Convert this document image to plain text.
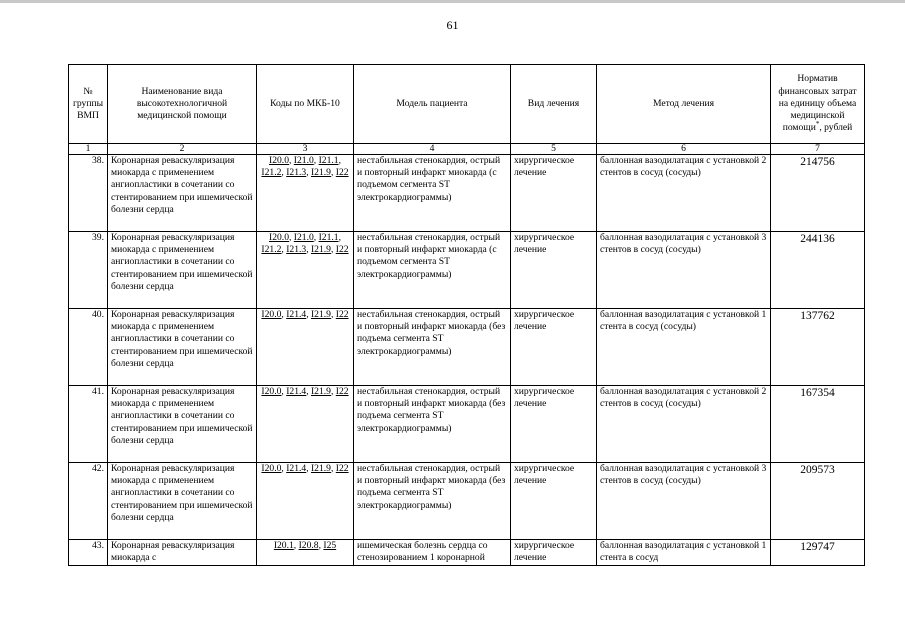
61
№ группы ВМП	Наименование вида высокотехнологичной медицинской помощи	Коды по МКБ-10	Модель пациента	Вид лечения	Метод лечения	Норматив финансовых затрат на единицу объема медицинской помощи*, рублей
1	2	3	4	5	6	7
38.	Коронарная реваскуляризация миокарда с применением ангиопластики в сочетании со стентированием при ишемической болезни сердца	I20.0, I21.0, I21.1, I21.2, I21.3, I21.9, I22	нестабильная стенокардия, острый и повторный инфаркт миокарда (с подъемом сегмента ST электрокардиограммы)	хирургическое лечение	баллонная вазодилатация с установкой 2 стентов в сосуд (сосуды)	214756
39.	Коронарная реваскуляризация миокарда с применением ангиопластики в сочетании со стентированием при ишемической болезни сердца	I20.0, I21.0, I21.1, I21.2, I21.3, I21.9, I22	нестабильная стенокардия, острый и повторный инфаркт миокарда (с подъемом сегмента ST электрокардиограммы)	хирургическое лечение	баллонная вазодилатация с установкой 3 стентов в сосуд (сосуды)	244136
40.	Коронарная реваскуляризация миокарда с применением ангиопластики в сочетании со стентированием при ишемической болезни сердца	I20.0, I21.4, I21.9, I22	нестабильная стенокардия, острый и повторный инфаркт миокарда (без подъема сегмента ST электрокардиограммы)	хирургическое лечение	баллонная вазодилатация с установкой 1 стента в сосуд (сосуды)	137762
41.	Коронарная реваскуляризация миокарда с применением ангиопластики в сочетании со стентированием при ишемической болезни сердца	I20.0, I21.4, I21.9, I22	нестабильная стенокардия, острый и повторный инфаркт миокарда (без подъема сегмента ST электрокардиограммы)	хирургическое лечение	баллонная вазодилатация с установкой 2 стентов в сосуд (сосуды)	167354
42.	Коронарная реваскуляризация миокарда с применением ангиопластики в сочетании со стентированием при ишемической болезни сердца	I20.0, I21.4, I21.9, I22	нестабильная стенокардия, острый и повторный инфаркт миокарда (без подъема сегмента ST электрокардиограммы)	хирургическое лечение	баллонная вазодилатация с установкой 3 стентов в сосуд (сосуды)	209573
43.	Коронарная реваскуляризация миокарда с	I20.1, I20.8, I25	ишемическая болезнь сердца со стенозированием 1 коронарной	хирургическое лечение	баллонная вазодилатация с установкой 1 стента в сосуд	129747
